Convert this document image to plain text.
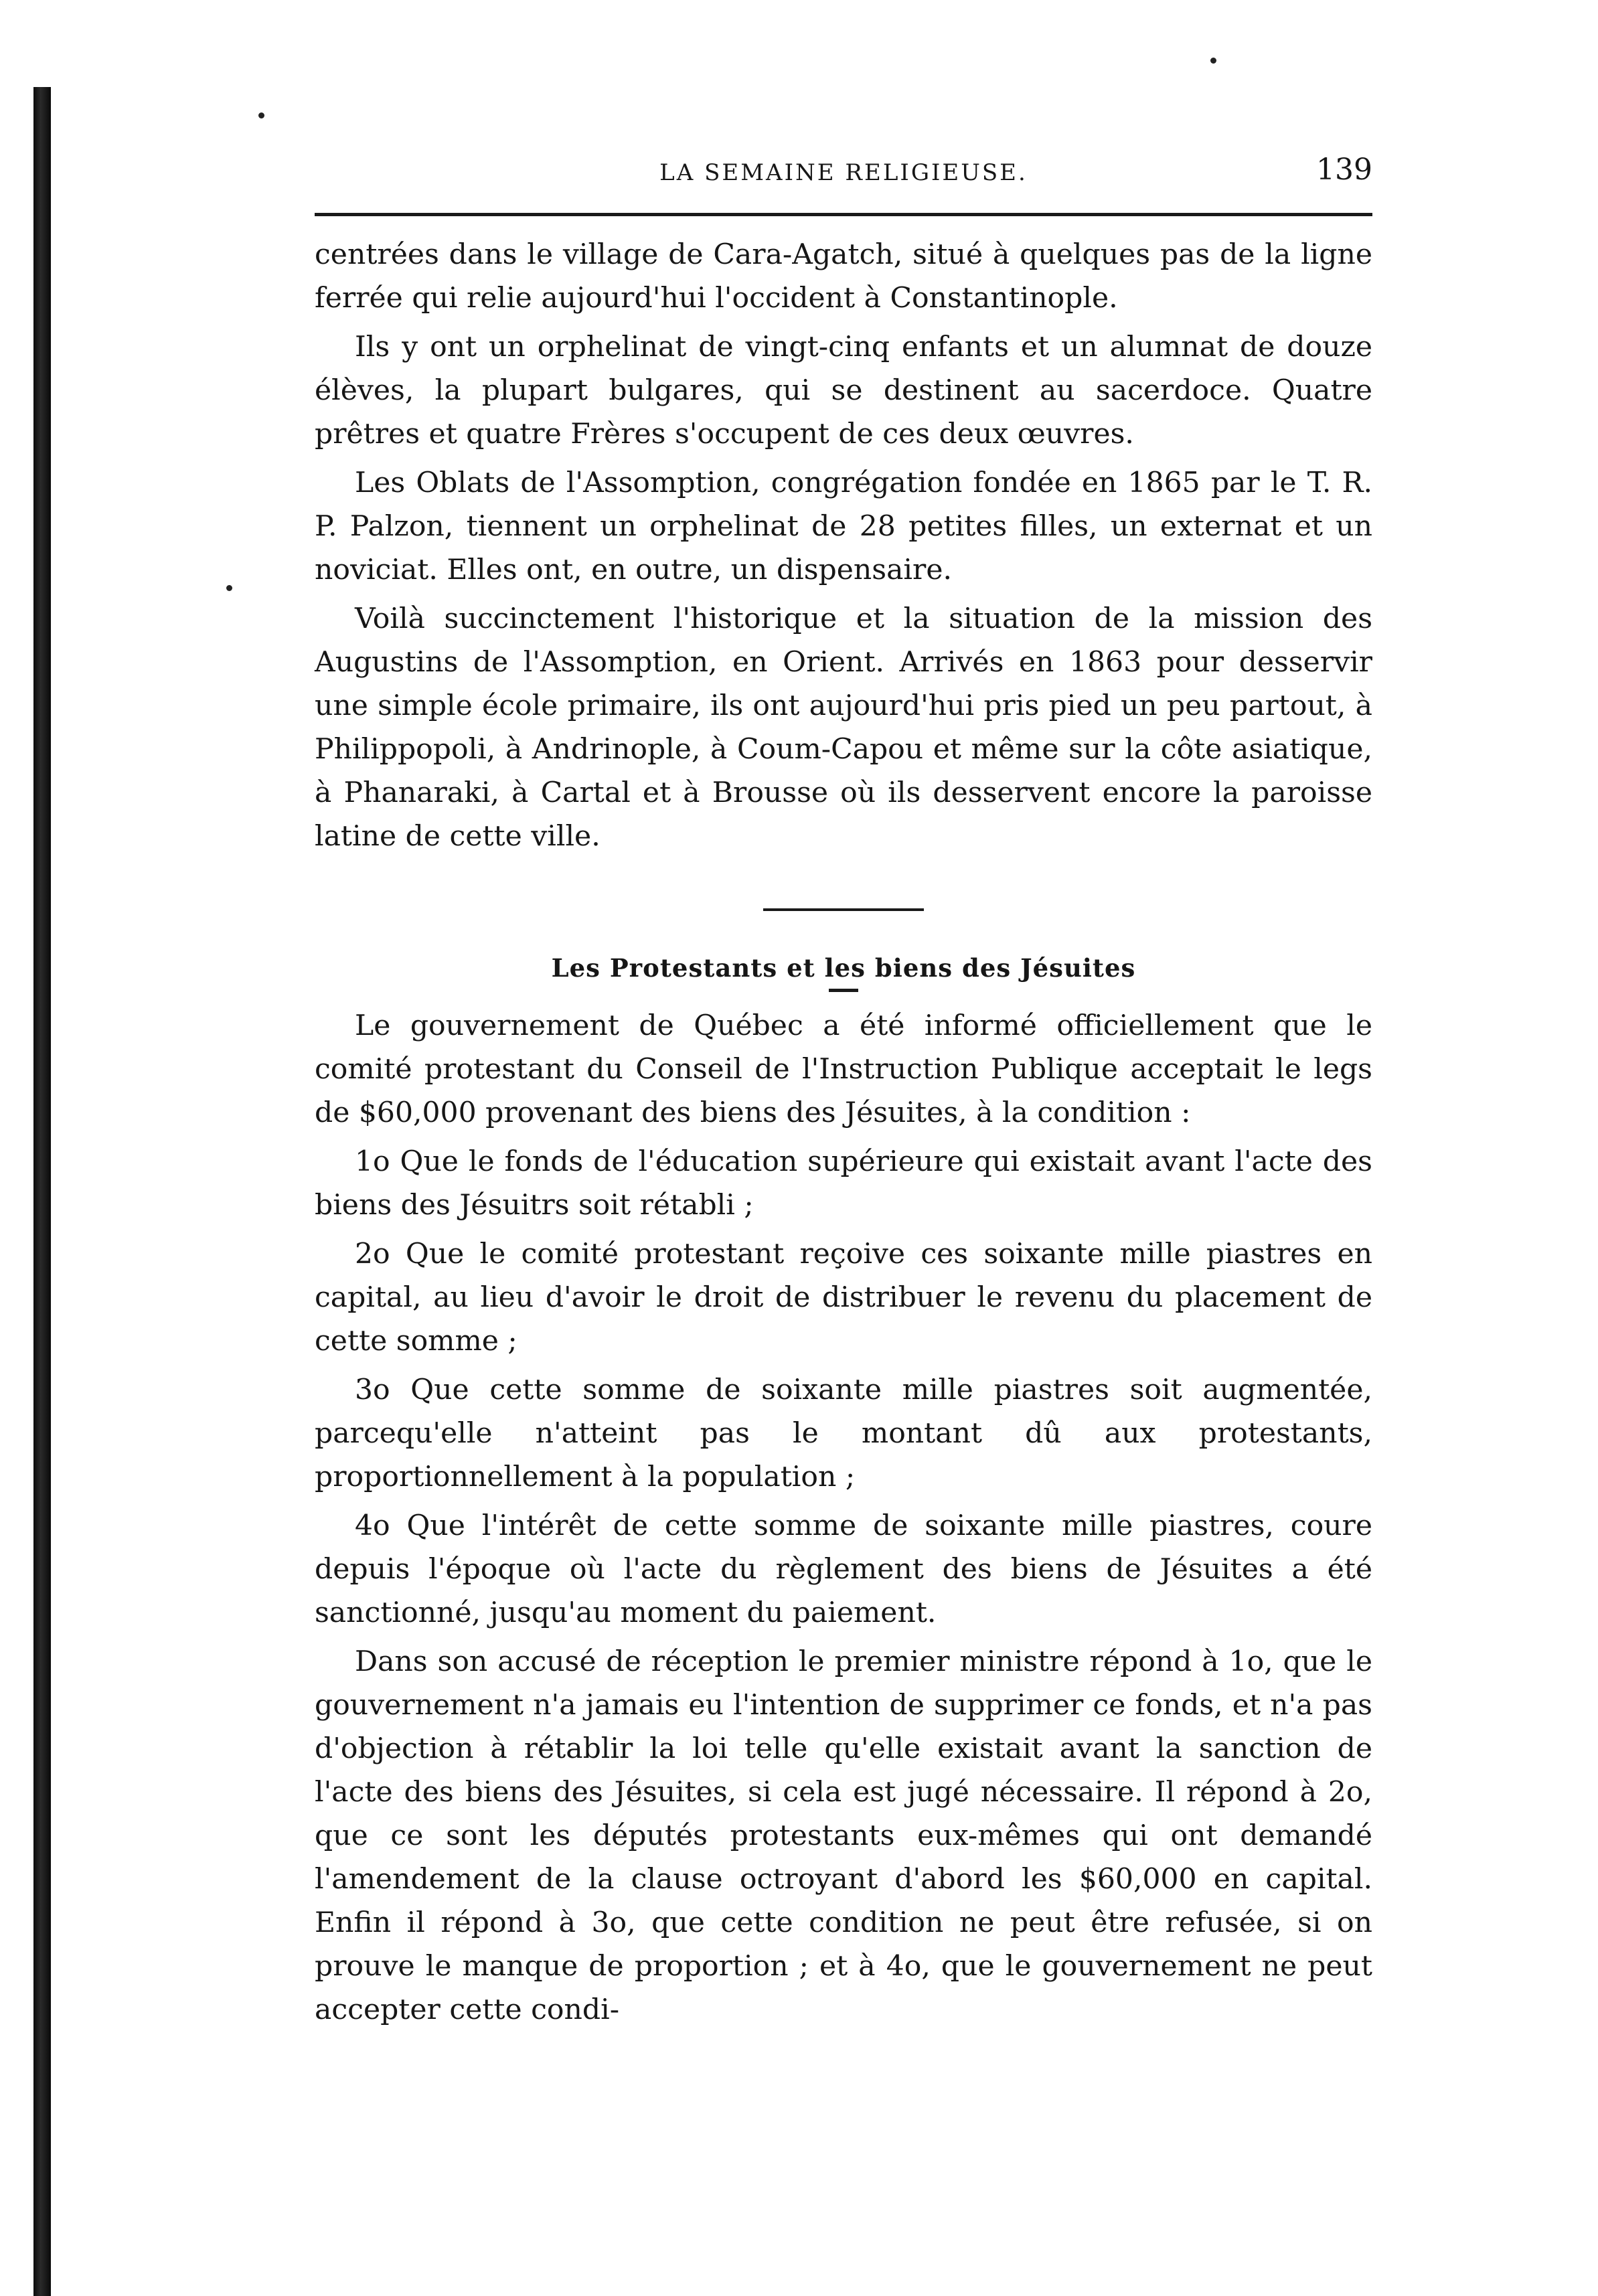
LA SEMAINE RELIGIEUSE.	139

centrées dans le village de Cara-Agatch, situé à quelques pas de la ligne ferrée qui relie aujourd'hui l'occident à Constantinople.

Ils y ont un orphelinat de vingt-cinq enfants et un alumnat de douze élèves, la plupart bulgares, qui se destinent au sacerdoce. Quatre prêtres et quatre Frères s'occupent de ces deux œuvres.

Les Oblats de l'Assomption, congrégation fondée en 1865 par le T. R. P. Palzon, tiennent un orphelinat de 28 petites filles, un externat et un noviciat. Elles ont, en outre, un dispensaire.

Voilà succinctement l'historique et la situation de la mission des Augustins de l'Assomption, en Orient. Arrivés en 1863 pour desservir une simple école primaire, ils ont aujourd'hui pris pied un peu partout, à Philippopoli, à Andrinople, à Coum-Capou et même sur la côte asiatique, à Phanaraki, à Cartal et à Brousse où ils desservent encore la paroisse latine de cette ville.

Les Protestants et les biens des Jésuites

Le gouvernement de Québec a été informé officiellement que le comité protestant du Conseil de l'Instruction Publique acceptait le legs de $60,000 provenant des biens des Jésuites, à la condition :

1o Que le fonds de l'éducation supérieure qui existait avant l'acte des biens des Jésuitrs soit rétabli ;

2o Que le comité protestant reçoive ces soixante mille piastres en capital, au lieu d'avoir le droit de distribuer le revenu du placement de cette somme ;

3o Que cette somme de soixante mille piastres soit augmentée, parcequ'elle n'atteint pas le montant dû aux protestants, proportionnellement à la population ;

4o Que l'intérêt de cette somme de soixante mille piastres, coure depuis l'époque où l'acte du règlement des biens de Jésuites a été sanctionné, jusqu'au moment du paiement.

Dans son accusé de réception le premier ministre répond à 1o, que le gouvernement n'a jamais eu l'intention de supprimer ce fonds, et n'a pas d'objection à rétablir la loi telle qu'elle existait avant la sanction de l'acte des biens des Jésuites, si cela est jugé nécessaire. Il répond à 2o, que ce sont les députés protestants eux-mêmes qui ont demandé l'amendement de la clause octroyant d'abord les $60,000 en capital. Enfin il répond à 3o, que cette condition ne peut être refusée, si on prouve le manque de proportion ; et à 4o, que le gouvernement ne peut accepter cette condi-
